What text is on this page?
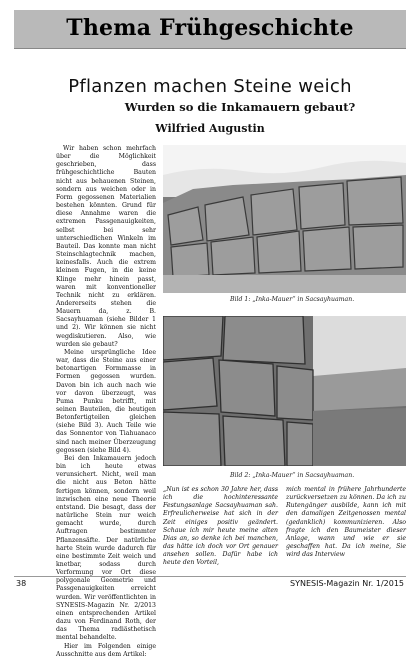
Thema Frühgeschichte
Pflanzen machen Steine weich
Wurden so die Inkamauern gebaut?
Wilfried Augustin

Wir haben schon mehrfach über die Möglichkeit geschrieben, dass frühgeschichtliche Bauten nicht aus behauenen Steinen, sondern aus weichen oder in Form gegossenen Materialien bestehen könnten. Grund für diese Annahme waren die extremen Passgenauigkeiten, selbst bei sehr unterschiedlichen Winkeln im Bauteil. Das konnte man nicht Steinschlagtechnik machen, keinesfalls. Auch die extrem kleinen Fugen, in die keine Klinge mehr hinein passt, waren mit konventioneller Technik nicht zu erklären. Andererseits stehen die Mauern da, z. B. Sacsayhuaman (siehe Bilder 1 und 2). Wir können sie nicht wegdiskutieren. Also, wie wurden sie gebaut?

Meine ursprüngliche Idee war, dass die Steine aus einer betonartigen Formmasse in Formen gegossen wurden. Davon bin ich auch nach wie vor davon überzeugt, was Puma Punku betrifft, mit seinen Bauteilen, die heutigen Betonfertigteilen gleichen (siehe Bild 3). Auch Teile wie das Sonnentor von Tiahuanaco sind nach meiner Überzeugung gegossen (siehe Bild 4).

Bei den Inkamauern jedoch bin ich heute etwas verunsichert. Nicht, weil man die nicht aus Beton hätte fertigen können, sondern weil inzwischen eine neue Theorie entstand. Die besagt, dass der natürliche Stein nur weich gemacht wurde, durch Auftragen bestimmter Pflanzensäfte. Der natürliche harte Stein wurde dadurch für eine bestimmte Zeit weich und knetbar, sodass durch Verformung vor Ort diese polygonale Geometrie und Passgenauigkeiten erreicht wurden. Wir veröffentlichten in SYNESIS-Magazin Nr. 2/2013 einen entsprechenden Artikel dazu von Ferdinand Roth, der das Thema radiästhetisch mental behandelte.

Hier im Folgenden einige Ausschnitte aus dem Artikel:

Bild 1: „Inka-Mauer“ in Sacsayhuaman.
Bild 2: „Inka-Mauer“ in Sacsayhuaman.
„Nun ist es schon 30 Jahre her, dass ich die hochinteressante Festungsanlage Sacsayhuaman sah. Erfreulicherweise hat sich in der Zeit einiges positiv geändert. Schaue ich mir heute meine alten Dias an, so denke ich bei manchen, das hätte ich doch vor Ort genauer ansehen sollen. Dafür habe ich heute den Vorteil,
mich mental in frühere Jahrhunderte zurückversetzen zu können. Da ich zu Rutengänger ausbilde, kann ich mit den damaligen Zeitgenossen mental (gedanklich) kommunizieren. Also fragte ich den Baumeister dieser Anlage, wann und wie er sie geschaffen hat. Da ich meine, Sie wird das Interview
38	SYNESIS-Magazin Nr. 1/2015
